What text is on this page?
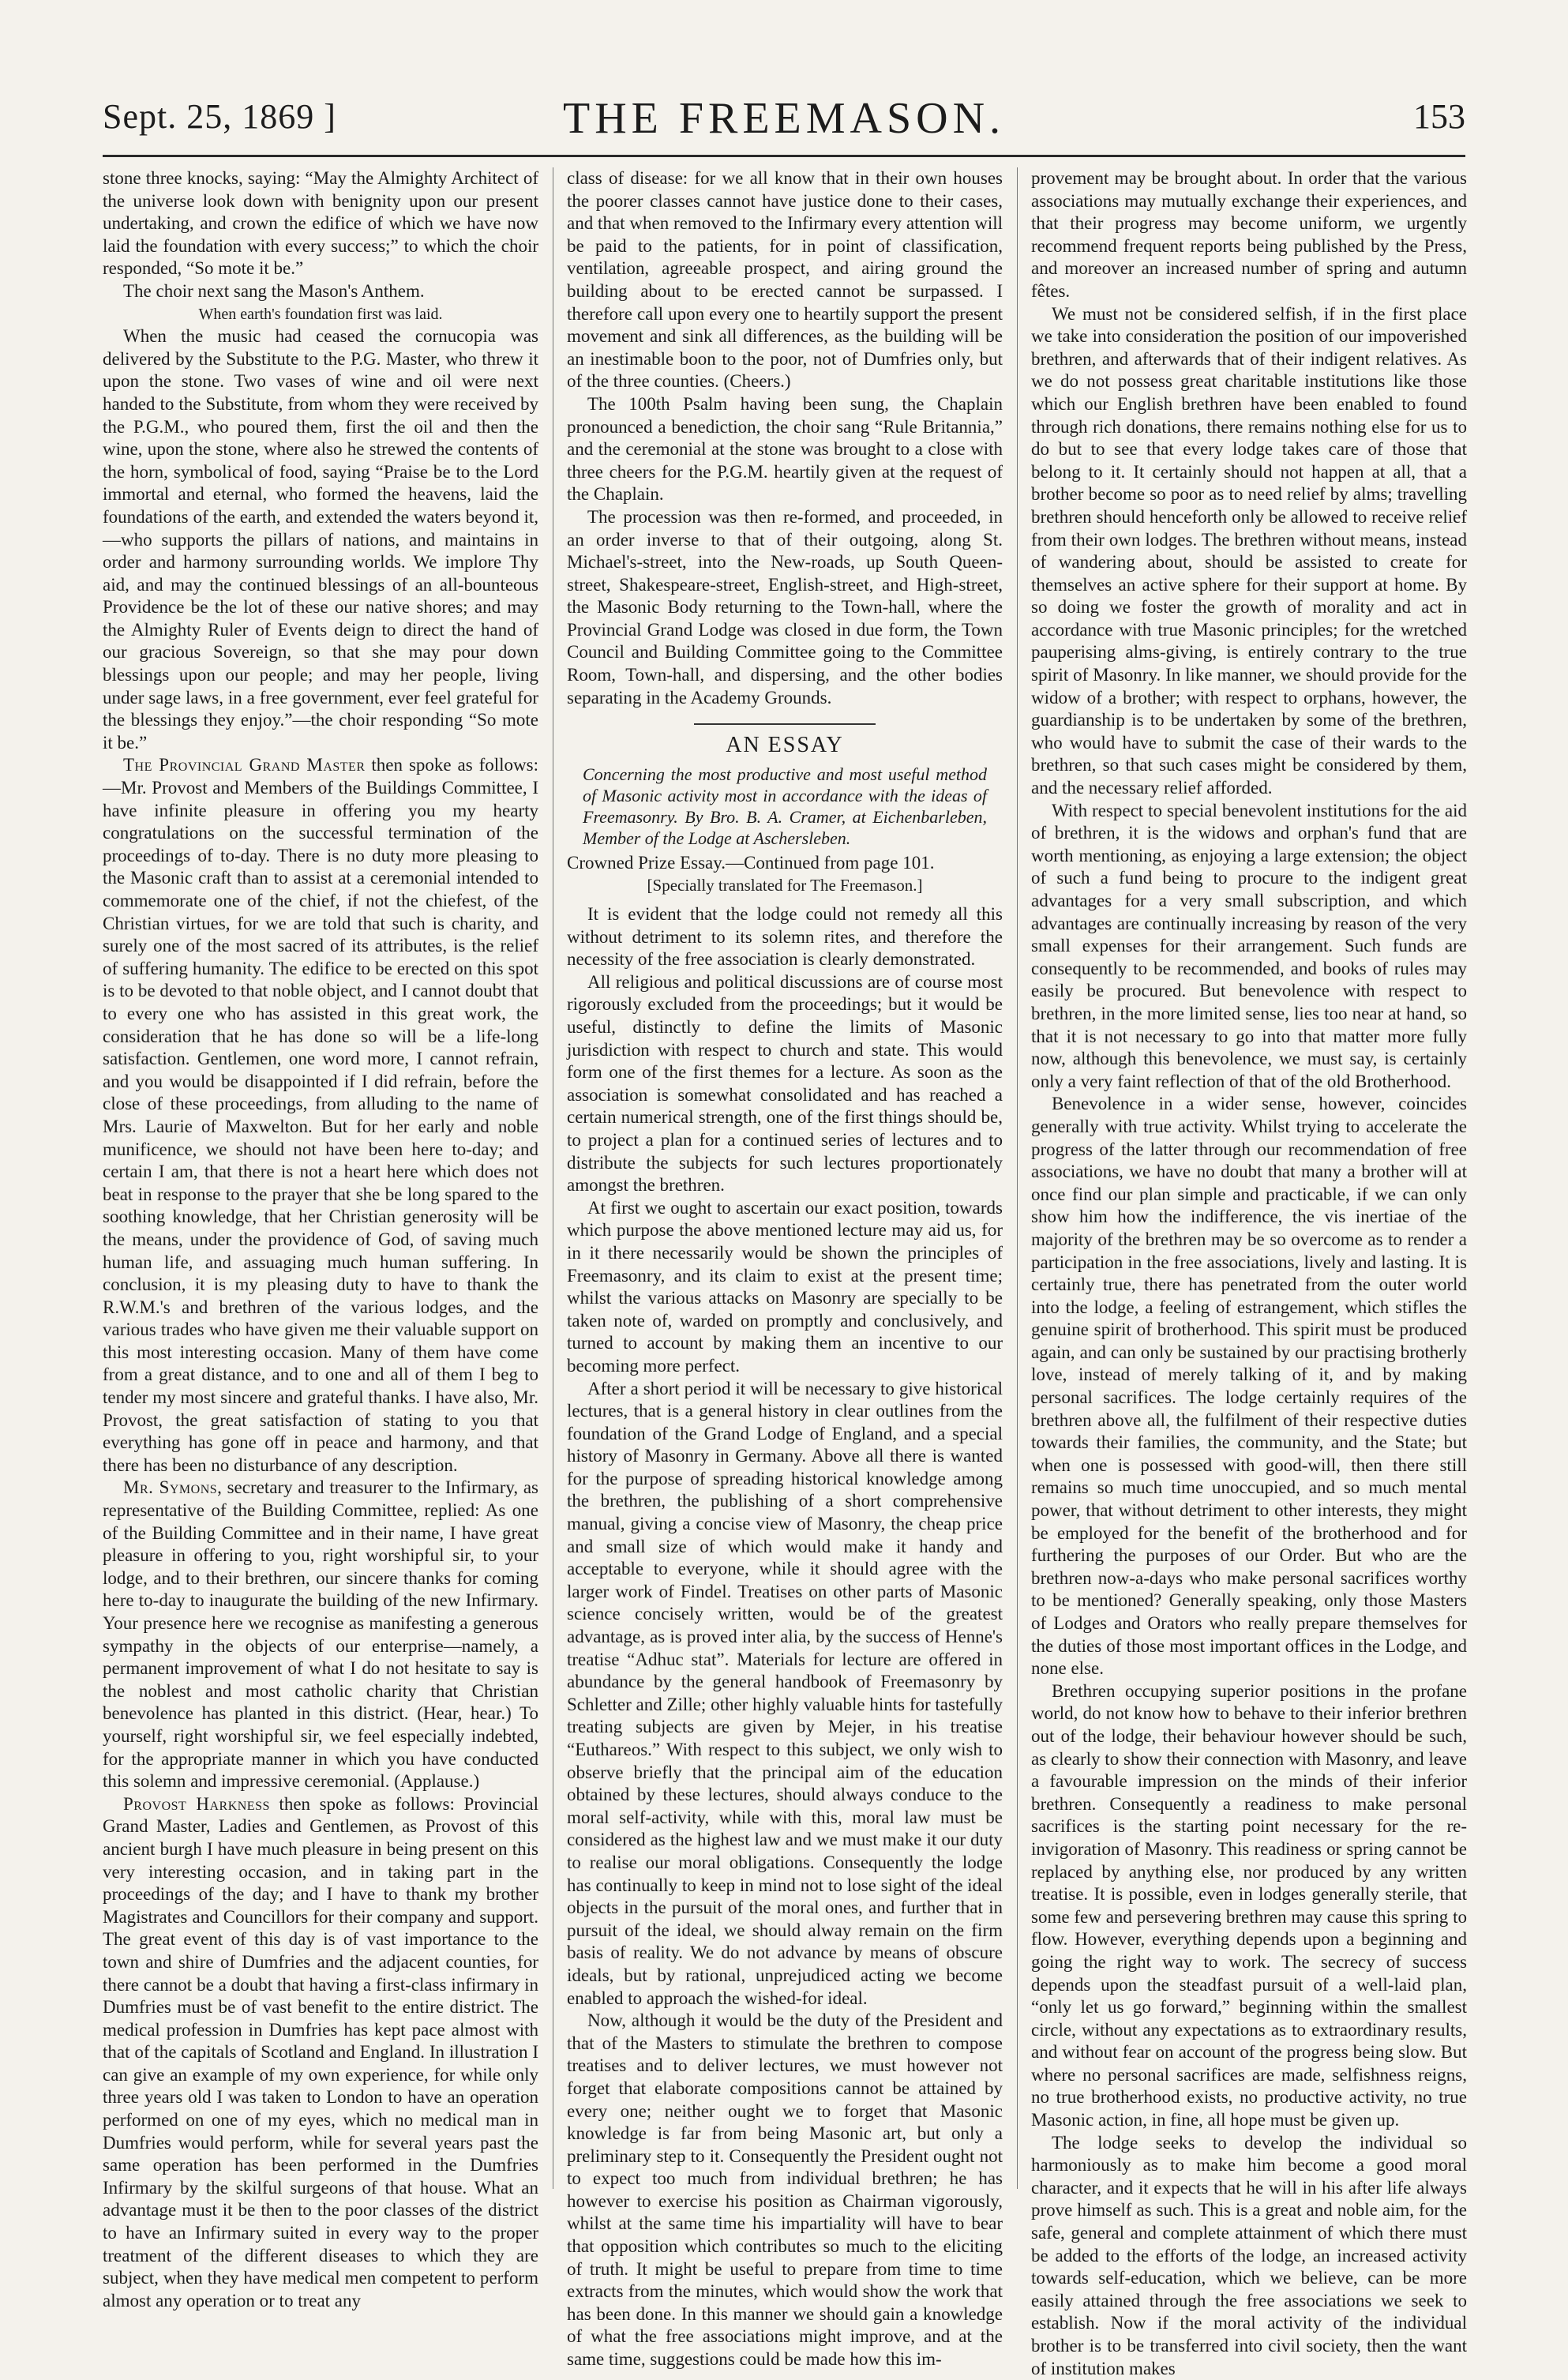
Sept. 25, 1869 ]	THE FREEMASON.	153

stone three knocks, saying: “May the Almighty Architect of the universe look down with benignity upon our present undertaking, and crown the edifice of which we have now laid the foundation with every success;” to which the choir responded, “So mote it be.”

The choir next sang the Mason's Anthem.

When earth's foundation first was laid.

When the music had ceased the cornucopia was delivered by the Substitute to the P.G. Master, who threw it upon the stone. Two vases of wine and oil were next handed to the Substitute, from whom they were received by the P.G.M., who poured them, first the oil and then the wine, upon the stone, where also he strewed the contents of the horn, symbolical of food, saying “Praise be to the Lord immortal and eternal, who formed the heavens, laid the foundations of the earth, and extended the waters beyond it,—who supports the pillars of nations, and maintains in order and harmony surrounding worlds. We implore Thy aid, and may the continued blessings of an all-bounteous Providence be the lot of these our native shores; and may the Almighty Ruler of Events deign to direct the hand of our gracious Sovereign, so that she may pour down blessings upon our people; and may her people, living under sage laws, in a free government, ever feel grateful for the blessings they enjoy.”—the choir responding “So mote it be.”

The Provincial Grand Master then spoke as follows:—Mr. Provost and Members of the Buildings Committee, I have infinite pleasure in offering you my hearty congratulations on the successful termination of the proceedings of to-day. There is no duty more pleasing to the Masonic craft than to assist at a ceremonial intended to commemorate one of the chief, if not the chiefest, of the Christian virtues, for we are told that such is charity, and surely one of the most sacred of its attributes, is the relief of suffering humanity. The edifice to be erected on this spot is to be devoted to that noble object, and I cannot doubt that to every one who has assisted in this great work, the consideration that he has done so will be a life-long satisfaction. Gentlemen, one word more, I cannot refrain, and you would be disappointed if I did refrain, before the close of these proceedings, from alluding to the name of Mrs. Laurie of Maxwelton. But for her early and noble munificence, we should not have been here to-day; and certain I am, that there is not a heart here which does not beat in response to the prayer that she be long spared to the soothing knowledge, that her Christian generosity will be the means, under the providence of God, of saving much human life, and assuaging much human suffering. In conclusion, it is my pleasing duty to have to thank the R.W.M.'s and brethren of the various lodges, and the various trades who have given me their valuable support on this most interesting occasion. Many of them have come from a great distance, and to one and all of them I beg to tender my most sincere and grateful thanks. I have also, Mr. Provost, the great satisfaction of stating to you that everything has gone off in peace and harmony, and that there has been no disturbance of any description.

Mr. Symons, secretary and treasurer to the Infirmary, as representative of the Building Committee, replied: As one of the Building Committee and in their name, I have great pleasure in offering to you, right worshipful sir, to your lodge, and to their brethren, our sincere thanks for coming here to-day to inaugurate the building of the new Infirmary. Your presence here we recognise as manifesting a generous sympathy in the objects of our enterprise—namely, a permanent improvement of what I do not hesitate to say is the noblest and most catholic charity that Christian benevolence has planted in this district. (Hear, hear.) To yourself, right worshipful sir, we feel especially indebted, for the appropriate manner in which you have conducted this solemn and impressive ceremonial. (Applause.)

Provost Harkness then spoke as follows: Provincial Grand Master, Ladies and Gentlemen, as Provost of this ancient burgh I have much pleasure in being present on this very interesting occasion, and in taking part in the proceedings of the day; and I have to thank my brother Magistrates and Councillors for their company and support. The great event of this day is of vast importance to the town and shire of Dumfries and the adjacent counties, for there cannot be a doubt that having a first-class infirmary in Dumfries must be of vast benefit to the entire district. The medical profession in Dumfries has kept pace almost with that of the capitals of Scotland and England. In illustration I can give an example of my own experience, for while only three years old I was taken to London to have an operation performed on one of my eyes, which no medical man in Dumfries would perform, while for several years past the same operation has been performed in the Dumfries Infirmary by the skilful surgeons of that house. What an advantage must it be then to the poor classes of the district to have an Infirmary suited in every way to the proper treatment of the different diseases to which they are subject, when they have medical men competent to perform almost any operation or to treat any

class of disease: for we all know that in their own houses the poorer classes cannot have justice done to their cases, and that when removed to the Infirmary every attention will be paid to the patients, for in point of classification, ventilation, agreeable prospect, and airing ground the building about to be erected cannot be surpassed. I therefore call upon every one to heartily support the present movement and sink all differences, as the building will be an inestimable boon to the poor, not of Dumfries only, but of the three counties. (Cheers.)

The 100th Psalm having been sung, the Chaplain pronounced a benediction, the choir sang “Rule Britannia,” and the ceremonial at the stone was brought to a close with three cheers for the P.G.M. heartily given at the request of the Chaplain.

The procession was then re-formed, and proceeded, in an order inverse to that of their outgoing, along St. Michael's-street, into the New-roads, up South Queen-street, Shakespeare-street, English-street, and High-street, the Masonic Body returning to the Town-hall, where the Provincial Grand Lodge was closed in due form, the Town Council and Building Committee going to the Committee Room, Town-hall, and dispersing, and the other bodies separating in the Academy Grounds.

AN ESSAY

Concerning the most productive and most useful method of Masonic activity most in accordance with the ideas of Freemasonry. By Bro. B. A. Cramer, at Eichenbarleben, Member of the Lodge at Aschersleben.

Crowned Prize Essay.—Continued from page 101.

[Specially translated for The Freemason.]

It is evident that the lodge could not remedy all this without detriment to its solemn rites, and therefore the necessity of the free association is clearly demonstrated.

All religious and political discussions are of course most rigorously excluded from the proceedings; but it would be useful, distinctly to define the limits of Masonic jurisdiction with respect to church and state. This would form one of the first themes for a lecture. As soon as the association is somewhat consolidated and has reached a certain numerical strength, one of the first things should be, to project a plan for a continued series of lectures and to distribute the subjects for such lectures proportionately amongst the brethren.

At first we ought to ascertain our exact position, towards which purpose the above mentioned lecture may aid us, for in it there necessarily would be shown the principles of Freemasonry, and its claim to exist at the present time; whilst the various attacks on Masonry are specially to be taken note of, warded on promptly and conclusively, and turned to account by making them an incentive to our becoming more perfect.

After a short period it will be necessary to give historical lectures, that is a general history in clear outlines from the foundation of the Grand Lodge of England, and a special history of Masonry in Germany. Above all there is wanted for the purpose of spreading historical knowledge among the brethren, the publishing of a short comprehensive manual, giving a concise view of Masonry, the cheap price and small size of which would make it handy and acceptable to everyone, while it should agree with the larger work of Findel. Treatises on other parts of Masonic science concisely written, would be of the greatest advantage, as is proved inter alia, by the success of Henne's treatise “Adhuc stat”. Materials for lecture are offered in abundance by the general handbook of Freemasonry by Schletter and Zille; other highly valuable hints for tastefully treating subjects are given by Mejer, in his treatise “Euthareos.” With respect to this subject, we only wish to observe briefly that the principal aim of the education obtained by these lectures, should always conduce to the moral self-activity, while with this, moral law must be considered as the highest law and we must make it our duty to realise our moral obligations. Consequently the lodge has continually to keep in mind not to lose sight of the ideal objects in the pursuit of the moral ones, and further that in pursuit of the ideal, we should alway remain on the firm basis of reality. We do not advance by means of obscure ideals, but by rational, unprejudiced acting we become enabled to approach the wished-for ideal.

Now, although it would be the duty of the President and that of the Masters to stimulate the brethren to compose treatises and to deliver lectures, we must however not forget that elaborate compositions cannot be attained by every one; neither ought we to forget that Masonic knowledge is far from being Masonic art, but only a preliminary step to it. Consequently the President ought not to expect too much from individual brethren; he has however to exercise his position as Chairman vigorously, whilst at the same time his impartiality will have to bear that opposition which contributes so much to the eliciting of truth. It might be useful to prepare from time to time extracts from the minutes, which would show the work that has been done. In this manner we should gain a knowledge of what the free associations might improve, and at the same time, suggestions could be made how this im-

provement may be brought about. In order that the various associations may mutually exchange their experiences, and that their progress may become uniform, we urgently recommend frequent reports being published by the Press, and moreover an increased number of spring and autumn fêtes.

We must not be considered selfish, if in the first place we take into consideration the position of our impoverished brethren, and afterwards that of their indigent relatives. As we do not possess great charitable institutions like those which our English brethren have been enabled to found through rich donations, there remains nothing else for us to do but to see that every lodge takes care of those that belong to it. It certainly should not happen at all, that a brother become so poor as to need relief by alms; travelling brethren should henceforth only be allowed to receive relief from their own lodges. The brethren without means, instead of wandering about, should be assisted to create for themselves an active sphere for their support at home. By so doing we foster the growth of morality and act in accordance with true Masonic principles; for the wretched pauperising alms-giving, is entirely contrary to the true spirit of Masonry. In like manner, we should provide for the widow of a brother; with respect to orphans, however, the guardianship is to be undertaken by some of the brethren, who would have to submit the case of their wards to the brethren, so that such cases might be considered by them, and the necessary relief afforded.

With respect to special benevolent institutions for the aid of brethren, it is the widows and orphan's fund that are worth mentioning, as enjoying a large extension; the object of such a fund being to procure to the indigent great advantages for a very small subscription, and which advantages are continually increasing by reason of the very small expenses for their arrangement. Such funds are consequently to be recommended, and books of rules may easily be procured. But benevolence with respect to brethren, in the more limited sense, lies too near at hand, so that it is not necessary to go into that matter more fully now, although this benevolence, we must say, is certainly only a very faint reflection of that of the old Brotherhood.

Benevolence in a wider sense, however, coincides generally with true activity. Whilst trying to accelerate the progress of the latter through our recommendation of free associations, we have no doubt that many a brother will at once find our plan simple and practicable, if we can only show him how the indifference, the vis inertiae of the majority of the brethren may be so overcome as to render a participation in the free associations, lively and lasting. It is certainly true, there has penetrated from the outer world into the lodge, a feeling of estrangement, which stifles the genuine spirit of brotherhood. This spirit must be produced again, and can only be sustained by our practising brotherly love, instead of merely talking of it, and by making personal sacrifices. The lodge certainly requires of the brethren above all, the fulfilment of their respective duties towards their families, the community, and the State; but when one is possessed with good-will, then there still remains so much time unoccupied, and so much mental power, that without detriment to other interests, they might be employed for the benefit of the brotherhood and for furthering the purposes of our Order. But who are the brethren now-a-days who make personal sacrifices worthy to be mentioned? Generally speaking, only those Masters of Lodges and Orators who really prepare themselves for the duties of those most important offices in the Lodge, and none else.

Brethren occupying superior positions in the profane world, do not know how to behave to their inferior brethren out of the lodge, their behaviour however should be such, as clearly to show their connection with Masonry, and leave a favourable impression on the minds of their inferior brethren. Consequently a readiness to make personal sacrifices is the starting point necessary for the re-invigoration of Masonry. This readiness or spring cannot be replaced by anything else, nor produced by any written treatise. It is possible, even in lodges generally sterile, that some few and persevering brethren may cause this spring to flow. However, everything depends upon a beginning and going the right way to work. The secrecy of success depends upon the steadfast pursuit of a well-laid plan, “only let us go forward,” beginning within the smallest circle, without any expectations as to extraordinary results, and without fear on account of the progress being slow. But where no personal sacrifices are made, selfishness reigns, no true brotherhood exists, no productive activity, no true Masonic action, in fine, all hope must be given up.

The lodge seeks to develop the individual so harmoniously as to make him become a good moral character, and it expects that he will in his after life always prove himself as such. This is a great and noble aim, for the safe, general and complete attainment of which there must be added to the efforts of the lodge, an increased activity towards self-education, which we believe, can be more easily attained through the free associations we seek to establish. Now if the moral activity of the individual brother is to be transferred into civil society, then the want of institution makes
